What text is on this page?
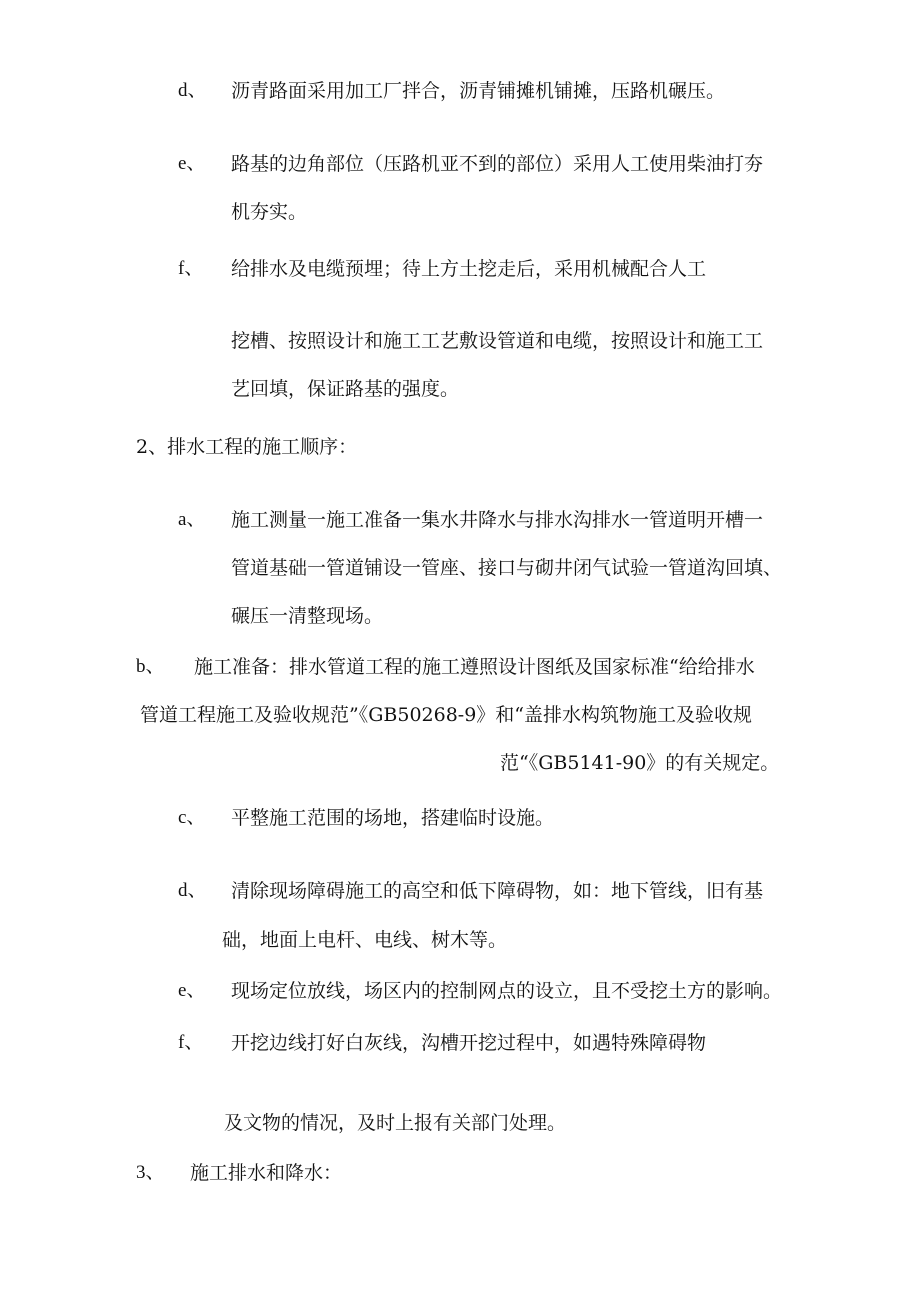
d、 沥青路面采用加工厂拌合，沥青铺摊机铺摊，压路机碾压。
e、 路基的边角部位（压路机亚不到的部位）采用人工使用柴油打夯
机夯实。
f、 给排水及电缆预埋；待上方土挖走后，采用机械配合人工
挖槽、按照设计和施工工艺敷设管道和电缆，按照设计和施工工
艺回填，保证路基的强度。
2、排水工程的施工顺序：
a、 施工测量一施工准备一集水井降水与排水沟排水一管道明开槽一
管道基础一管道铺设一管座、接口与砌井闭气试验一管道沟回填、
碾压一清整现场。
b、 施工准备：排水管道工程的施工遵照设计图纸及国家标准“给给排水
管道工程施工及验收规范”《GB50268-9》和“盖排水构筑物施工及验收规
范“《GB5141-90》的有关规定。
c、 平整施工范围的场地，搭建临时设施。
d、 清除现场障碍施工的高空和低下障碍物，如：地下管线，旧有基
础，地面上电杆、电线、树木等。
e、 现场定位放线，场区内的控制网点的设立，且不受挖土方的影响。
f、 开挖边线打好白灰线，沟槽开挖过程中，如遇特殊障碍物
及文物的情况，及时上报有关部门处理。
3、 施工排水和降水：
